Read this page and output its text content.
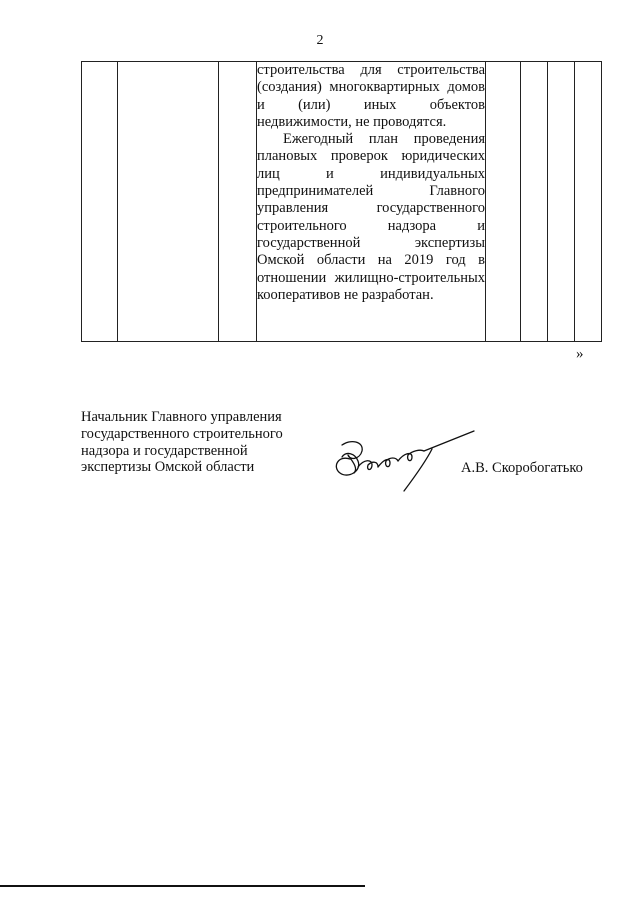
2

строительства для строительства (создания) многоквартирных домов и (или) иных объектов недвижимости, не проводятся.

Ежегодный план проведения плановых проверок юридических лиц и индивидуальных предпринимателей Главного управления государственного строительного надзора и государственной экспертизы Омской области на 2019 год в отношении жилищно-строительных кооперативов не разработан.

»
Начальник Главного управления
государственного строительного
надзора и государственной
экспертизы Омской области	А.В. Скоробогатько
